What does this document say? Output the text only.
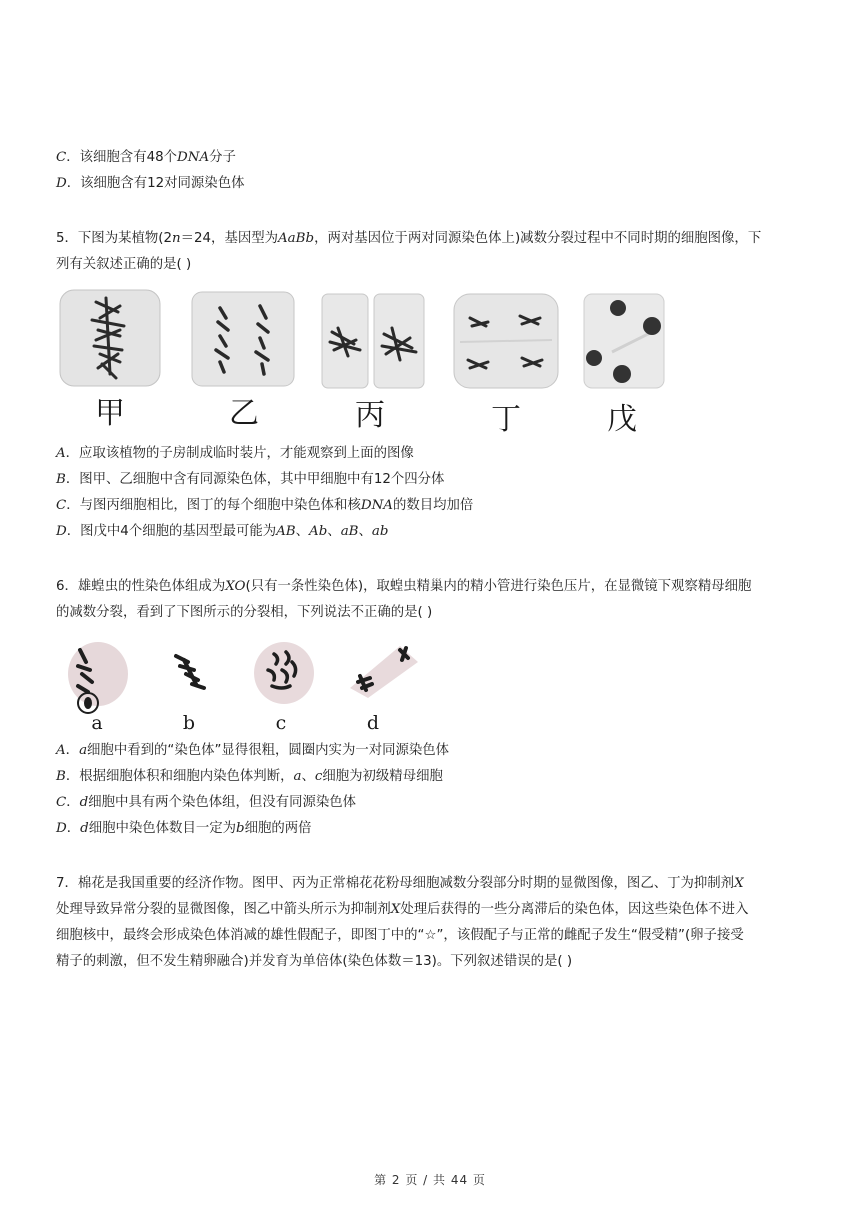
C．该细胞含有48个DNA分子
D．该细胞含有12对同源染色体
5．下图为某植物(2n＝24，基因型为AaBb，两对基因位于两对同源染色体上)减数分裂过程中不同时期的细胞图像，下
列有关叙述正确的是( )
甲	乙	丙	丁	戊
A．应取该植物的子房制成临时装片，才能观察到上面的图像
B．图甲、乙细胞中含有同源染色体，其中甲细胞中有12个四分体
C．与图丙细胞相比，图丁的每个细胞中染色体和核DNA的数目均加倍
D．图戊中4个细胞的基因型最可能为AB、Ab、aB、ab
6．雄蝗虫的性染色体组成为XO(只有一条性染色体)，取蝗虫精巢内的精小管进行染色压片，在显微镜下观察精母细胞
的减数分裂，看到了下图所示的分裂相，下列说法不正确的是( )
a	b	c	d
A．a细胞中看到的“染色体”显得很粗，圆圈内实为一对同源染色体
B．根据细胞体积和细胞内染色体判断，a、c细胞为初级精母细胞
C．d细胞中具有两个染色体组，但没有同源染色体
D．d细胞中染色体数目一定为b细胞的两倍
7．棉花是我国重要的经济作物。图甲、丙为正常棉花花粉母细胞减数分裂部分时期的显微图像，图乙、丁为抑制剂X
处理导致异常分裂的显微图像，图乙中箭头所示为抑制剂X处理后获得的一些分离滞后的染色体，因这些染色体不进入
细胞核中，最终会形成染色体消减的雄性假配子，即图丁中的“☆”，该假配子与正常的雌配子发生“假受精”(卵子接受
精子的刺激，但不发生精卵融合)并发育为单倍体(染色体数＝13)。下列叙述错误的是( )
第 2 页 / 共 44 页
